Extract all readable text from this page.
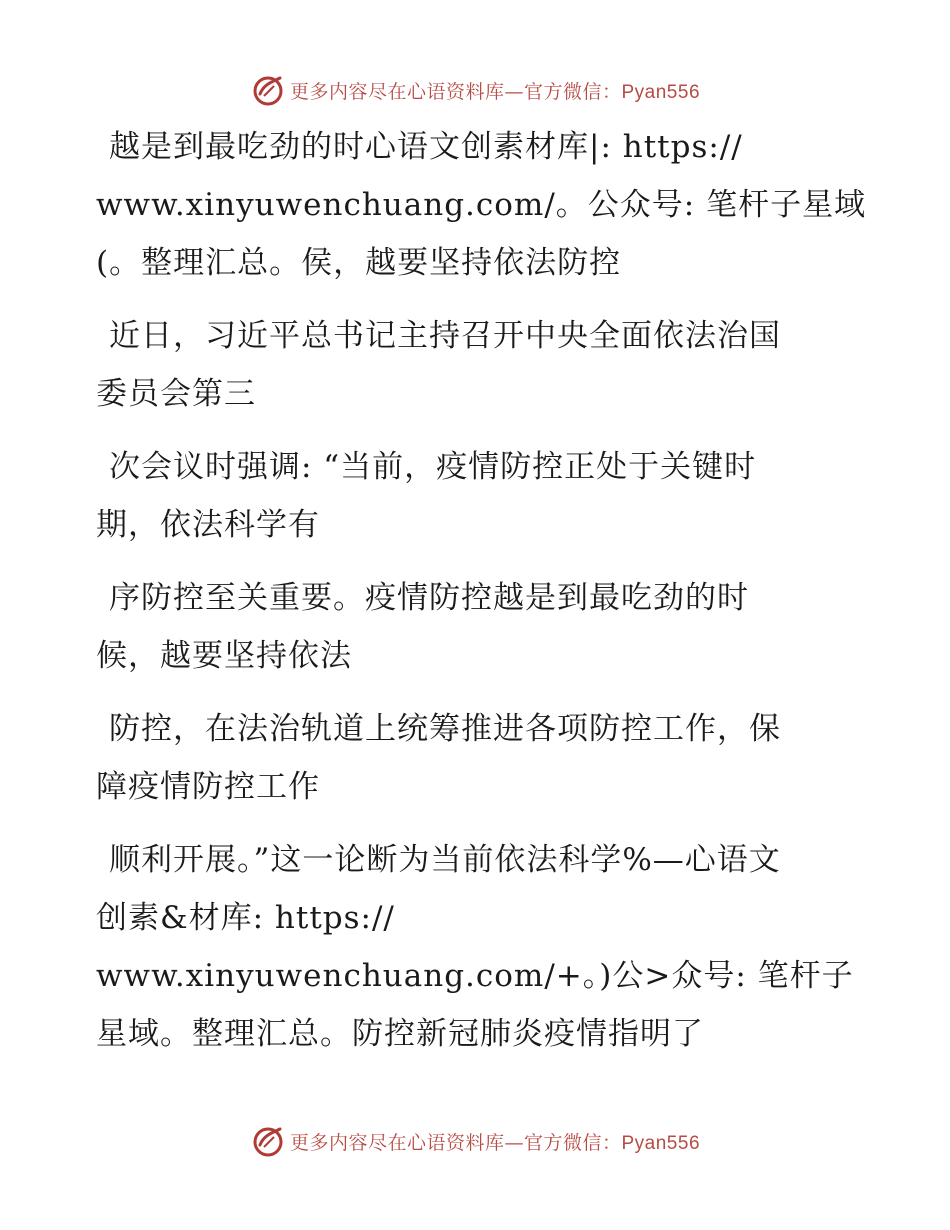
更多内容尽在心语资料库—官方微信：Pyan556
越是到最吃劲的时心语文创素材库|: https://
www.xinyuwenchuang.com/。公众号: 笔杆子星域
(。整理汇总。侯，越要坚持依法防控
近日，习近平总书记主持召开中央全面依法治国
委员会第三
次会议时强调: “当前，疫情防控正处于关键时
期，依法科学有
序防控至关重要。疫情防控越是到最吃劲的时
候，越要坚持依法
防控，在法治轨道上统筹推进各项防控工作，保
障疫情防控工作
顺利开展。”这一论断为当前依法科学%—心语文
创素&材库: https://
www.xinyuwenchuang.com/+。)公>众号: 笔杆子
星域。整理汇总。防控新冠肺炎疫情指明了
更多内容尽在心语资料库—官方微信：Pyan556
